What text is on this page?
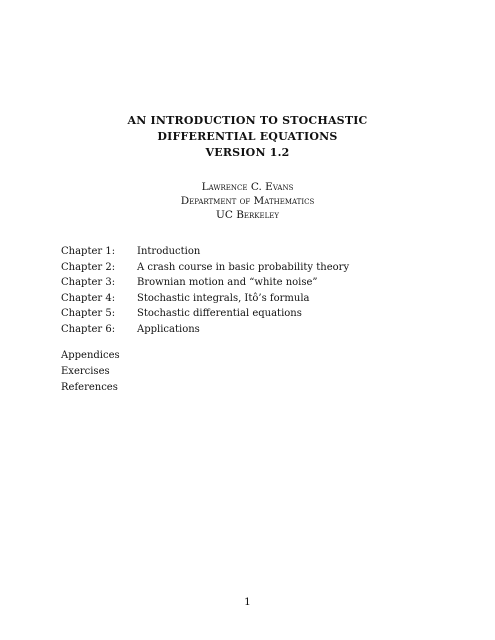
AN INTRODUCTION TO STOCHASTIC
DIFFERENTIAL EQUATIONS
VERSION 1.2
Lawrence C. Evans
Department of Mathematics
UC Berkeley
Chapter 1:	Introduction
Chapter 2:	A crash course in basic probability theory
Chapter 3:	Brownian motion and “white noise”
Chapter 4:	Stochastic integrals, Itô’s formula
Chapter 5:	Stochastic differential equations
Chapter 6:	Applications
Appendices
Exercises
References
1
